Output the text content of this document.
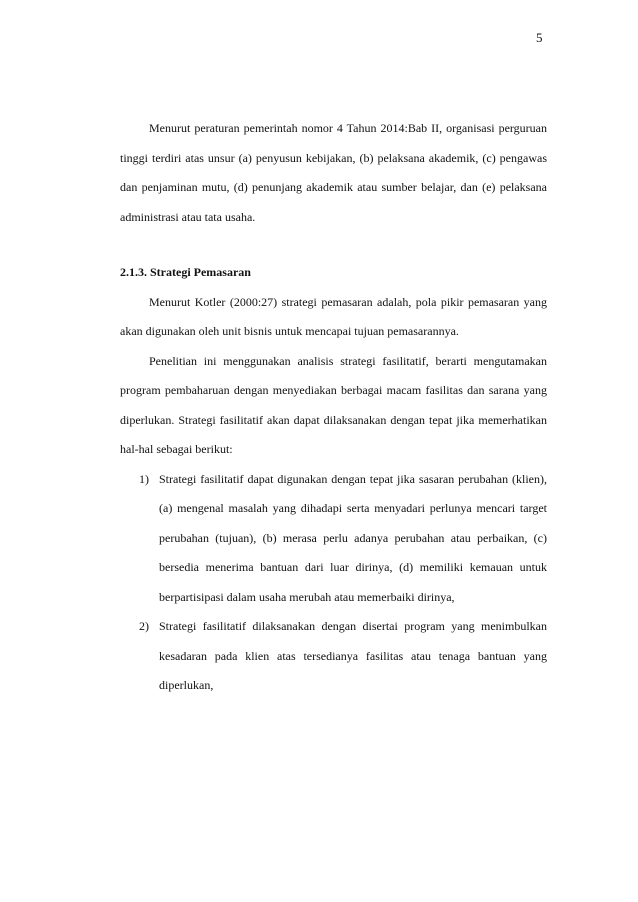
5

Menurut peraturan pemerintah nomor 4 Tahun 2014:Bab II, organisasi perguruan tinggi terdiri atas unsur (a) penyusun kebijakan, (b) pelaksana akademik, (c) pengawas dan penjaminan mutu, (d) penunjang akademik atau sumber belajar, dan (e) pelaksana administrasi atau tata usaha.

2.1.3. Strategi Pemasaran

Menurut Kotler (2000:27) strategi pemasaran adalah, pola pikir pemasaran yang akan digunakan oleh unit bisnis untuk mencapai tujuan pemasarannya.

Penelitian ini menggunakan analisis strategi fasilitatif, berarti mengutamakan program pembaharuan dengan menyediakan berbagai macam fasilitas dan sarana yang diperlukan. Strategi fasilitatif akan dapat dilaksanakan dengan tepat jika memerhatikan hal-hal sebagai berikut:

1) Strategi fasilitatif dapat digunakan dengan tepat jika sasaran perubahan (klien), (a) mengenal masalah yang dihadapi serta menyadari perlunya mencari target perubahan (tujuan), (b) merasa perlu adanya perubahan atau perbaikan, (c) bersedia menerima bantuan dari luar dirinya, (d) memiliki kemauan untuk berpartisipasi dalam usaha merubah atau memerbaiki dirinya,
2) Strategi fasilitatif dilaksanakan dengan disertai program yang menimbulkan kesadaran pada klien atas tersedianya fasilitas atau tenaga bantuan yang diperlukan,
